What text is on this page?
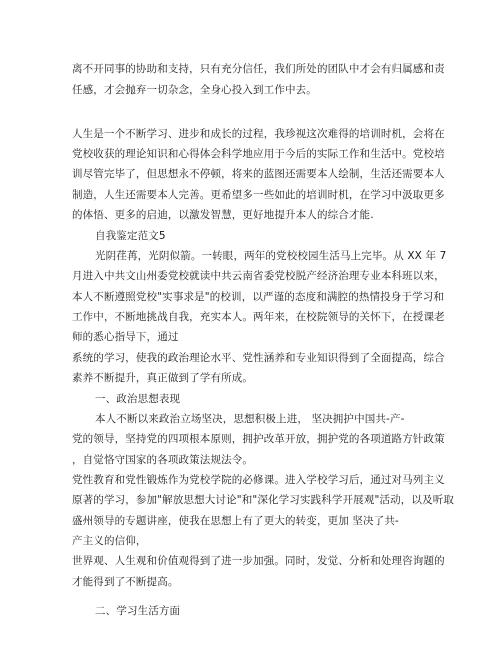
离不开同事的协助和支持，只有充分信任，我们所处的团队中才会有归属感和责

任感，才会抛弃一切杂念，全身心投入到工作中去。

人生是一个不断学习、进步和成长的过程，我珍视这次难得的培训时机，会将在

党校收获的理论知识和心得体会科学地应用于今后的实际工作和生活中。党校培

训尽管完毕了，但思想永不停顿，将来的蓝图还需要本人绘制，生活还需要本人

制造，人生还需要本人完善。更希望多一些如此的培训时机，在学习中汲取更多

的体悟、更多的启迪，以激发智慧，更好地提升本人的综合才能.

自我鉴定范文5

光阴荏苒，光阴似箭。一转眼，两年的党校校园生活马上完毕。从 XX 年 7

月进入中共文山州委党校就读中共云南省委党校脱产经济治理专业本科班以来，

本人不断遵照党校"实事求是"的校训，以严谨的态度和满腔的热情投身于学习和

工作中，不断地挑战自我，充实本人。两年来，在校院领导的关怀下，在授课老

师的悉心指导下，通过

系统的学习，使我的政治理论水平、党性涵养和专业知识得到了全面提高，综合

素养不断提升，真正做到了学有所成。

一、政治思想表现

本人不断以来政治立场坚决，思想积极上进， 坚决拥护中国共-产-

党的领导，坚持党的四项根本原则，拥护改革开放，拥护党的各项道路方针政策

，自觉恪守国家的各项政策法规法令。

党性教育和党性锻炼作为党校学院的必修课。进入学校学习后，通过对马列主义

原著的学习，参加"解放思想大讨论"和"深化学习实践科学开展观"活动，以及听取

盛州领导的专题讲座，使我在思想上有了更大的转变，更加 坚决了共-

产主义的信仰，

世界观、人生观和价值观得到了进一步加强。同时，发觉、分析和处理咨询题的

才能得到了不断提高。

二、学习生活方面
